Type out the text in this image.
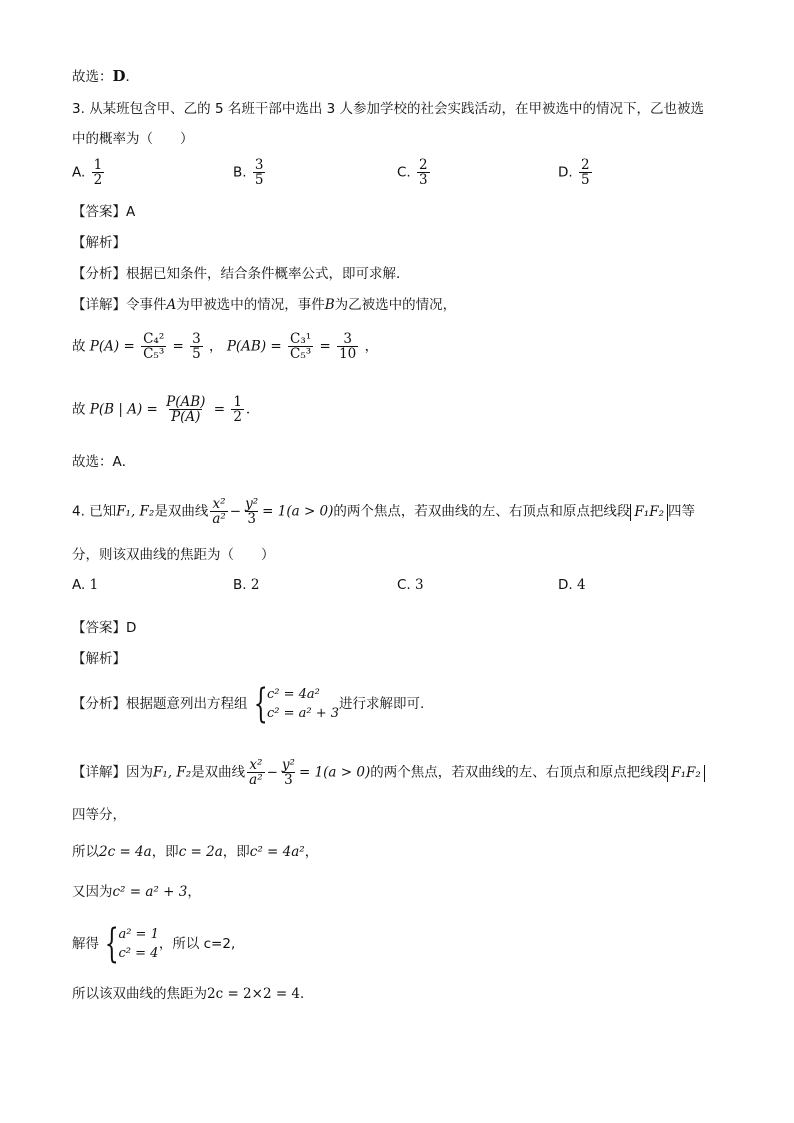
故选：D．
3. 从某班包含甲、乙的 5 名班干部中选出 3 人参加学校的社会实践活动，在甲被选中的情况下，乙也被选
中的概率为（　　）
A. $\frac{1}{2}$	B. $\frac{3}{5}$	C. $\frac{2}{3}$	D. $\frac{2}{5}$
【答案】A
【解析】
【分析】根据已知条件，结合条件概率公式，即可求解．
【详解】令事件A为甲被选中的情况，事件B为乙被选中的情况，
故 $P(A) = \frac{\text{C₄²}}{\text{C₅³}} = \frac{3}{5}$ ， $P(AB) = \frac{\text{C₃¹}}{\text{C₅³}} = \frac{3}{10}$ ，
故 P(B | $A) = \frac{P(AB)}{P(A)} = \frac{1}{2}$ .
故选：A．
4. 已知F₁, F₂是双曲线 $\frac{\text{x²}}{\text{a²}} - \frac{\text{y²}}{3} = 1(a > 0)$的两个焦点，若双曲线的左、右顶点和原点把线段 F₁F₂ 四等
分，则该双曲线的焦距为（　　）
A. 1	B. 2	C. 3	D. 4
【答案】D
【解析】
【分析】根据题意列出方程组 { c² = 4a²
c² = a² + 3
进行求解即可.
【详解】因为F₁, F₂是双曲线 $\frac{\text{x²}}{\text{a²}} - \frac{\text{y²}}{3} = 1(a > 0)$的两个焦点，若双曲线的左、右顶点和原点把线段 F₁F₂
四等分，
所以2c = 4a，即c = 2a，即c² = 4a²，
又因为c² = a² + 3，
解得 { a² = 1
c² = 4
，所以 c=2,
所以该双曲线的焦距为2c = 2×2 = 4．
